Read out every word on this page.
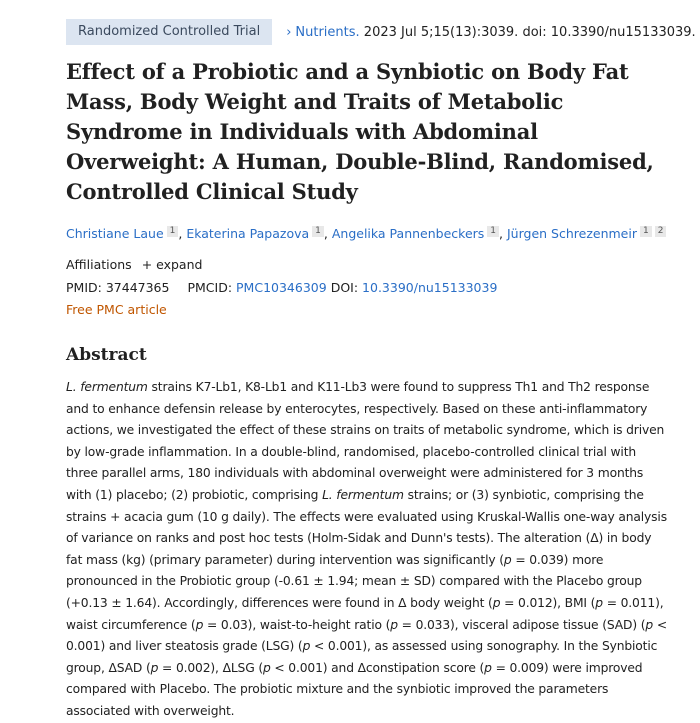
Randomized Controlled Trial	› Nutrients. 2023 Jul 5;15(13):3039. doi: 10.3390/nu15133039.
Effect of a Probiotic and a Synbiotic on Body Fat Mass, Body Weight and Traits of Metabolic Syndrome in Individuals with Abdominal Overweight: A Human, Double-Blind, Randomised, Controlled Clinical Study
Christiane Laue 1 , Ekaterina Papazova 1 , Angelika Pannenbeckers 1 , Jürgen Schrezenmeir 1 2
Affiliations + expand
PMID: 37447365 PMCID: PMC10346309 DOI: 10.3390/nu15133039
Free PMC article
Abstract

L. fermentum strains K7-Lb1, K8-Lb1 and K11-Lb3 were found to suppress Th1 and Th2 response and to enhance defensin release by enterocytes, respectively. Based on these anti-inflammatory actions, we investigated the effect of these strains on traits of metabolic syndrome, which is driven by low-grade inflammation. In a double-blind, randomised, placebo-controlled clinical trial with three parallel arms, 180 individuals with abdominal overweight were administered for 3 months with (1) placebo; (2) probiotic, comprising L. fermentum strains; or (3) synbiotic, comprising the strains + acacia gum (10 g daily). The effects were evaluated using Kruskal-Wallis one-way analysis of variance on ranks and post hoc tests (Holm-Sidak and Dunn's tests). The alteration (Δ) in body fat mass (kg) (primary parameter) during intervention was significantly (p = 0.039) more pronounced in the Probiotic group (-0.61 ± 1.94; mean ± SD) compared with the Placebo group (+0.13 ± 1.64). Accordingly, differences were found in Δ body weight (p = 0.012), BMI (p = 0.011), waist circumference (p = 0.03), waist-to-height ratio (p = 0.033), visceral adipose tissue (SAD) (p < 0.001) and liver steatosis grade (LSG) (p < 0.001), as assessed using sonography. In the Synbiotic group, ΔSAD (p = 0.002), ΔLSG (p < 0.001) and Δconstipation score (p = 0.009) were improved compared with Placebo. The probiotic mixture and the synbiotic improved the parameters associated with overweight.
